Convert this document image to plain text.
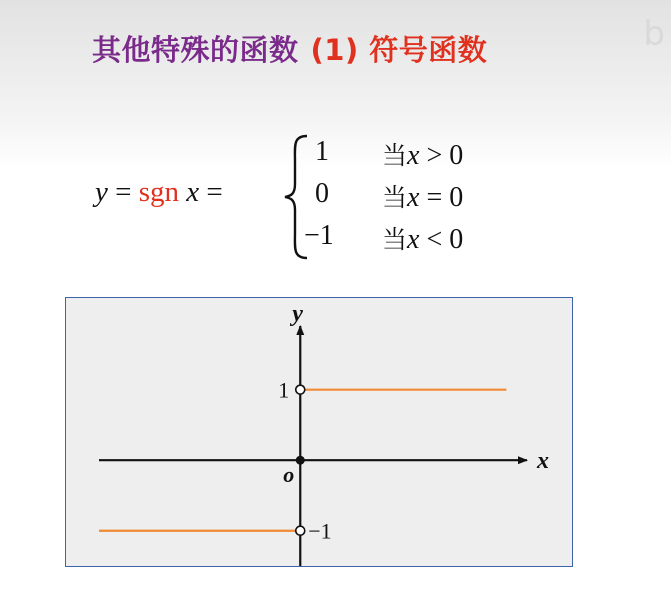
其他特殊的函数 (1) 符号函数	b
y = sgn x =
1
0
−1
当x > 0
当x = 0
当x < 0
x
y
o
1
−1
